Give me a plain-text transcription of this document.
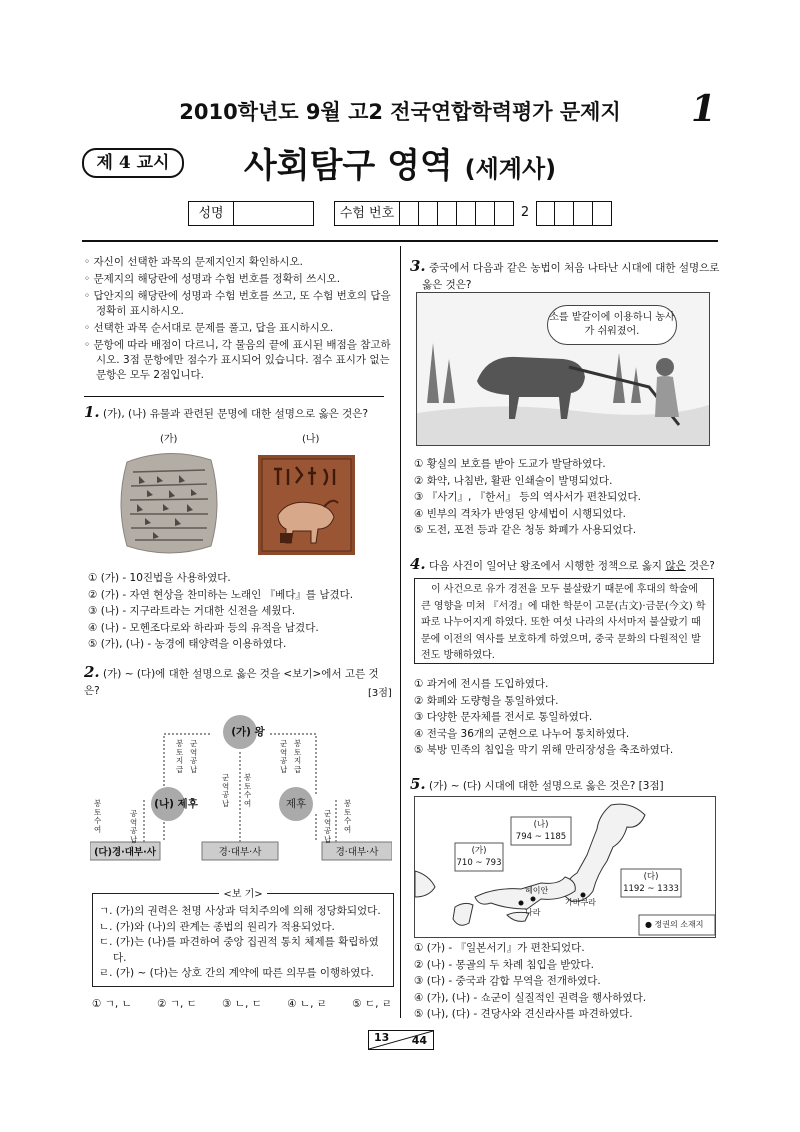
2010학년도 9월 고2 전국연합학력평가 문제지	1
제 4 교시	사회탐구 영역 (세계사)
성명	수험 번호	2

◦ 자신이 선택한 과목의 문제지인지 확인하시오.

◦ 문제지의 해당란에 성명과 수험 번호를 정확히 쓰시오.

◦ 답안지의 해당란에 성명과 수험 번호를 쓰고, 또 수험 번호의 답을 정확히 표시하시오.

◦ 선택한 과목 순서대로 문제를 풀고, 답을 표시하시오.

◦ 문항에 따라 배점이 다르니, 각 물음의 끝에 표시된 배점을 참고하시오. 3점 문항에만 점수가 표시되어 있습니다. 점수 표시가 없는 문항은 모두 2점입니다.

1. (가), (나) 유물과 관련된 문명에 대한 설명으로 옳은 것은?
(가)	(나)

① (가) - 10진법을 사용하였다.

② (가) - 자연 현상을 찬미하는 노래인 『베다』를 남겼다.

③ (나) - 지구라트라는 거대한 신전을 세웠다.

④ (나) - 모헨조다로와 하라파 등의 유적을 남겼다.

⑤ (가), (나) - 농경에 태양력을 이용하였다.

2. (가) ~ (다)에 대한 설명으로 옳은 것을 <보기>에서 고른 것은?	[3점]
(가) 왕
(나) 제후	제후
(다)경·대부·사	경·대부·사	경·대부·사
봉토 지급
군역 공납
군역 공납
봉토 지급
군역 공납
봉토 수여
봉토 수여
공역 공납
군역 공납
봉토 수여
<보 기>

ㄱ. (가)의 권력은 천명 사상과 덕치주의에 의해 정당화되었다.

ㄴ. (가)와 (나)의 관계는 종법의 원리가 적용되었다.

ㄷ. (가)는 (나)를 파견하여 중앙 집권적 통치 체제를 확립하였다.

ㄹ. (가) ~ (다)는 상호 간의 계약에 따른 의무를 이행하였다.

① ㄱ, ㄴ ② ㄱ, ㄷ ③ ㄴ, ㄷ ④ ㄴ, ㄹ ⑤ ㄷ, ㄹ
3. 중국에서 다음과 같은 농법이 처음 나타난 시대에 대한 설명으로 옳은 것은?
소를 밭갈이에 이용하니 농사가 쉬워졌어.

① 황실의 보호를 받아 도교가 발달하였다.

② 화약, 나침반, 활판 인쇄술이 발명되었다.

③ 『사기』, 『한서』 등의 역사서가 편찬되었다.

④ 빈부의 격차가 반영된 양세법이 시행되었다.

⑤ 도전, 포전 등과 같은 청동 화폐가 사용되었다.

4. 다음 사건이 일어난 왕조에서 시행한 정책으로 옳지 않은 것은?
이 사건으로 유가 경전을 모두 불살랐기 때문에 후대의 학술에 큰 영향을 미쳐 『서경』에 대한 학문이 고문(古文)·금문(今文) 학파로 나누어지게 하였다. 또한 여섯 나라의 사서마저 불살랐기 때문에 이전의 역사를 보호하게 하였으며, 중국 문화의 다원적인 발전도 방해하였다.

① 과거에 전시를 도입하였다.

② 화폐와 도량형을 통일하였다.

③ 다양한 문자체를 전서로 통일하였다.

④ 전국을 36개의 군현으로 나누어 통치하였다.

⑤ 북방 민족의 침입을 막기 위해 만리장성을 축조하였다.

5. (가) ~ (다) 시대에 대한 설명으로 옳은 것은? [3점]
(가)
710 ~ 793
(나)
794 ~ 1185
(다)
1192 ~ 1333
헤이안
나라
가마쿠라
● 정권의 소재지

① (가) - 『일본서기』가 편찬되었다.

② (나) - 몽골의 두 차례 침입을 받았다.

③ (다) - 중국과 감합 무역을 전개하였다.

④ (가), (나) - 쇼군이 실질적인 권력을 행사하였다.

⑤ (나), (다) - 견당사와 견신라사를 파견하였다.

13 44
